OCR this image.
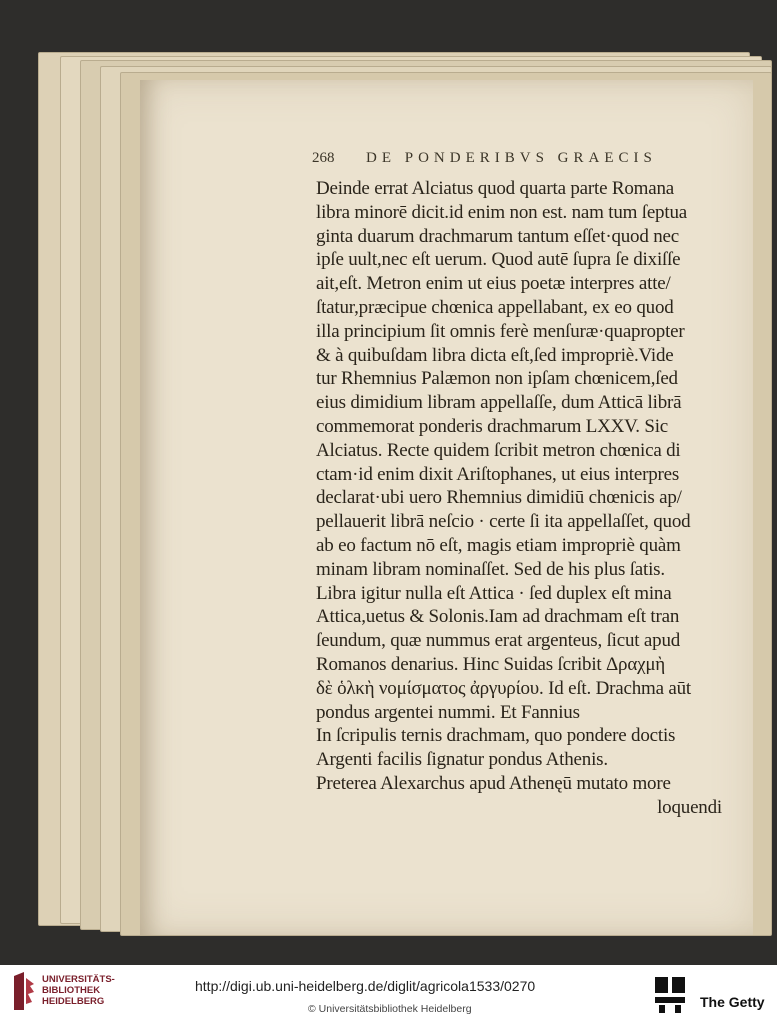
268 DE PONDERIBVS GRAECIS
Deinde errat Alciatus quod quarta parte Romana
libra minorē dicit.id enim non est. nam tum ſeptua
ginta duarum drachmarum tantum eſſet·quod nec
ipſe uult,nec eſt uerum. Quod autē ſupra ſe dixiſſe
ait,eſt. Metron enim ut eius poetæ interpres atte/
ſtatur,præcipue chœnica appellabant, ex eo quod
illa principium ſit omnis ferè menſuræ·quapropter
& à quibuſdam libra dicta eſt,ſed impropriè.Vide
tur Rhemnius Palæmon non ipſam chœnicem,ſed
eius dimidium libram appellaſſe, dum Atticā librā
commemorat ponderis drachmarum LXXV. Sic
Alciatus. Recte quidem ſcribit metron chœnica di
ctam·id enim dixit Ariſtophanes, ut eius interpres
declarat·ubi uero Rhemnius dimidiū chœnicis ap/
pellauerit librā neſcio · certe ſi ita appellaſſet, quod
ab eo factum nō eſt, magis etiam impropriè quàm
minam libram nominaſſet. Sed de his plus ſatis.
Libra igitur nulla eſt Attica · ſed duplex eſt mina
Attica,uetus & Solonis.Iam ad drachmam eſt tran
ſeundum, quæ nummus erat argenteus, ſicut apud
Romanos denarius. Hinc Suidas ſcribit Δραχμὴ
δὲ ὁλκὴ νομίσματος ἀργυρίου. Id eſt. Drachma aūt
pondus argentei nummi. Et Fannius
In ſcripulis ternis drachmam, quo pondere doctis
Argenti facilis ſignatur pondus Athenis.
Preterea Alexarchus apud Athenęū mutato more
loquendi
UNIVERSITÄTS-
BIBLIOTHEK
HEIDELBERG
http://digi.ub.uni-heidelberg.de/diglit/agricola1533/0270
© Universitätsbibliothek Heidelberg	The Getty
